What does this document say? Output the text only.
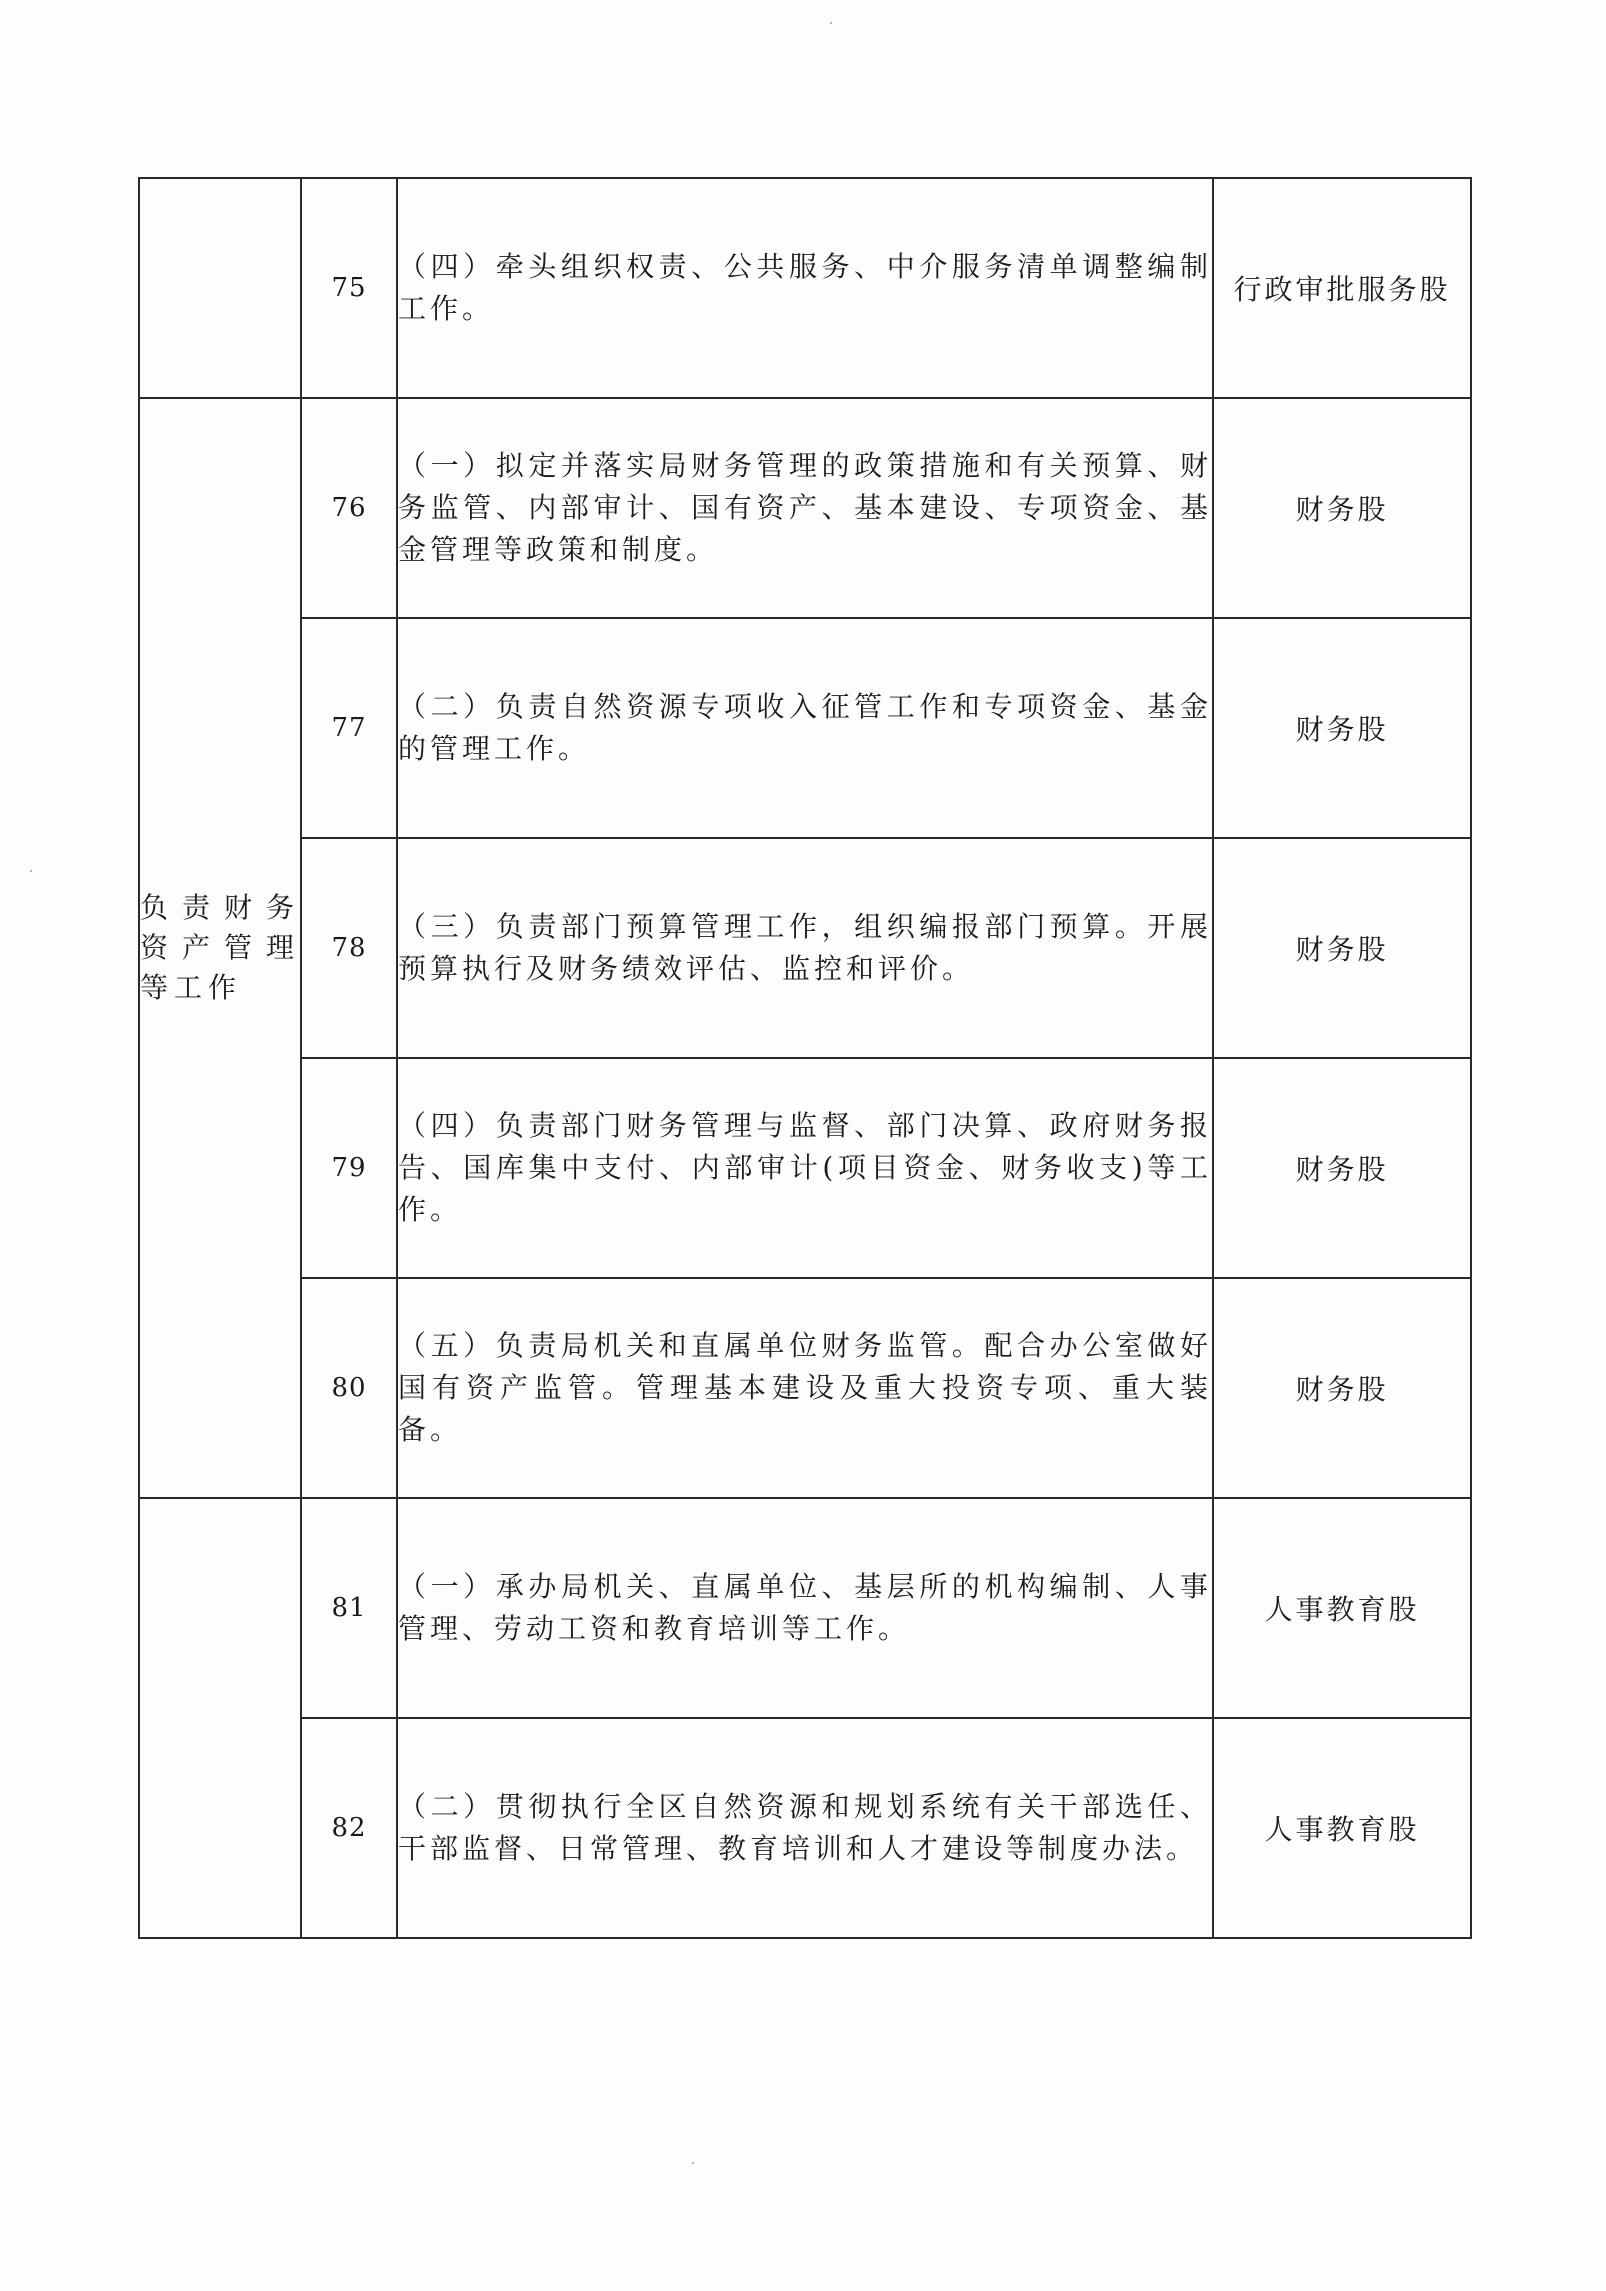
	75	（四）牵头组织权责、公共服务、中介服务清单调整编制工作。	行政审批服务股
负责财务资产管理等工作	76	（一）拟定并落实局财务管理的政策措施和有关预算、财务监管、内部审计、国有资产、基本建设、专项资金、基金管理等政策和制度。	财务股
	77	（二）负责自然资源专项收入征管工作和专项资金、基金的管理工作。	财务股
	78	（三）负责部门预算管理工作，组织编报部门预算。开展预算执行及财务绩效评估、监控和评价。	财务股
	79	（四）负责部门财务管理与监督、部门决算、政府财务报告、国库集中支付、内部审计(项目资金、财务收支)等工作。	财务股
	80	（五）负责局机关和直属单位财务监管。配合办公室做好国有资产监管。管理基本建设及重大投资专项、重大装备。	财务股
	81	（一）承办局机关、直属单位、基层所的机构编制、人事管理、劳动工资和教育培训等工作。	人事教育股
	82	（二）贯彻执行全区自然资源和规划系统有关干部选任、干部监督、日常管理、教育培训和人才建设等制度办法。	人事教育股
